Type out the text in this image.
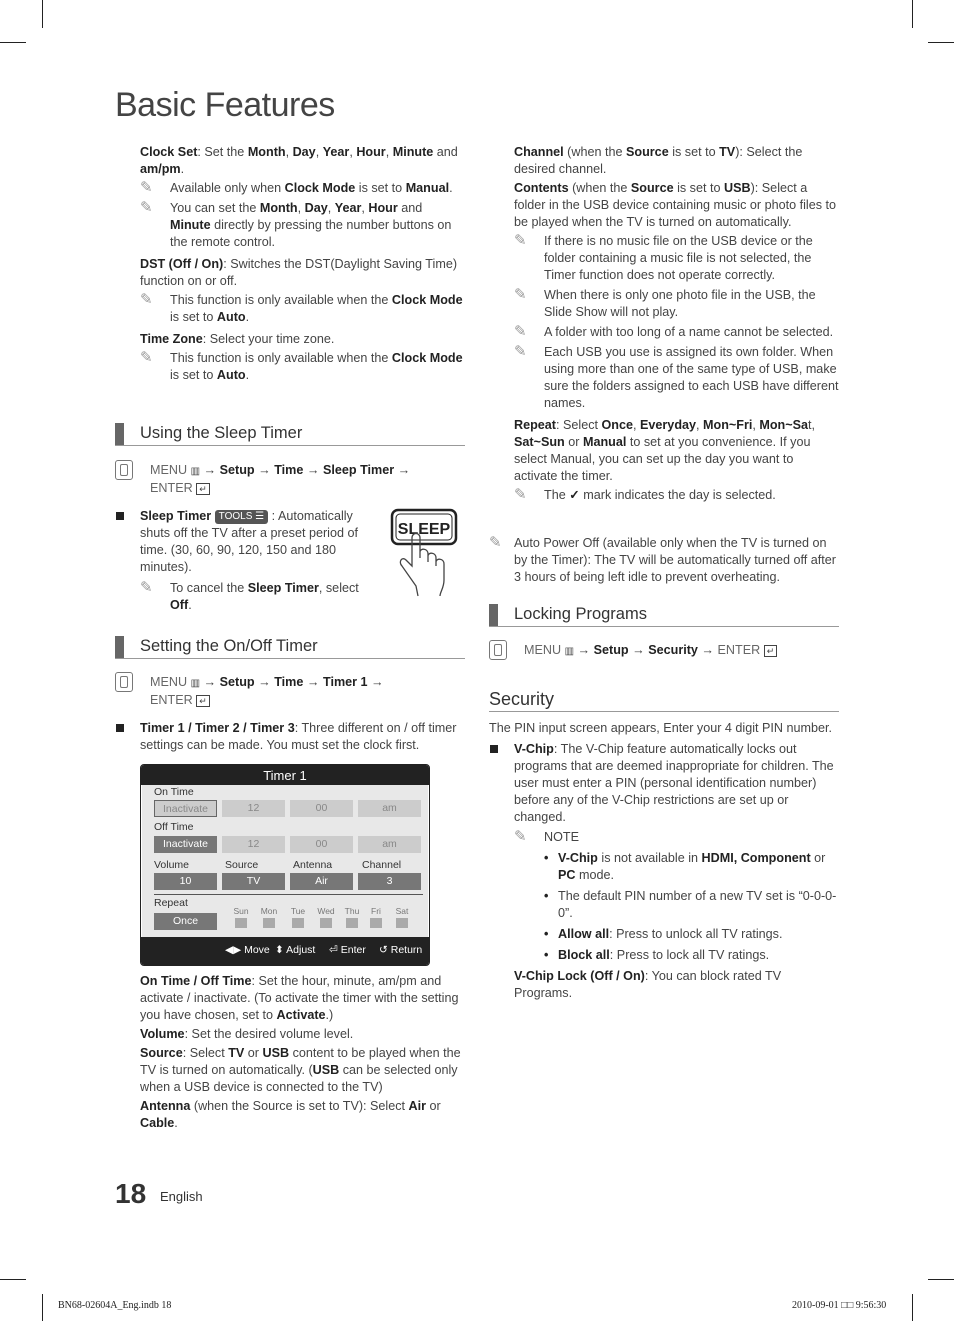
Basic Features

Clock Set: Set the Month, Day, Year, Hour, Minute and am/pm.

✎	Available only when Clock Mode is set to Manual.
✎	You can set the Month, Day, Year, Hour and Minute directly by pressing the number buttons on the remote control.

DST (Off / On): Switches the DST(Daylight Saving Time) function on or off.

✎	This function is only available when the Clock Mode is set to Auto.

Time Zone: Select your time zone.

✎	This function is only available when the Clock Mode is set to Auto.
Using the Sleep Timer
MENU ▥ → Setup → Time → Sleep Timer →
ENTER ↵

Sleep Timer TOOLS ☰ : Automatically shuts off the TV after a preset period of time. (30, 60, 90, 120, 150 and 180 minutes).

✎	To cancel the Sleep Timer, select Off.
SLEEP
Setting the On/Off Timer
MENU ▥ → Setup → Time → Timer 1 →
ENTER ↵

Timer 1 / Timer 2 / Timer 3: Three different on / off timer settings can be made. You must set the clock first.

Timer 1
On Time
Inactivate	12	00	am
Off Time
Inactivate	12	00	am
Volume	Source	Antenna	Channel
10	TV	Air	3
Repeat
Once
Sun Mon	Tue	Wed	Thu	Fri	Sat
◀▶ Move ⬍ Adjust ⏎ Enter ↺ Return

On Time / Off Time: Set the hour, minute, am/pm and activate / inactivate. (To activate the timer with the setting you have chosen, set to Activate.)

Volume: Set the desired volume level.

Source: Select TV or USB content to be played when the TV is turned on automatically. (USB can be selected only when a USB device is connected to the TV)

Antenna (when the Source is set to TV): Select Air or Cable.

Channel (when the Source is set to TV): Select the desired channel.

Contents (when the Source is set to USB): Select a folder in the USB device containing music or photo files to be played when the TV is turned on automatically.

✎	If there is no music file on the USB device or the folder containing a music file is not selected, the Timer function does not operate correctly.
✎	When there is only one photo file in the USB, the Slide Show will not play.
✎	A folder with too long of a name cannot be selected.
✎	Each USB you use is assigned its own folder. When using more than one of the same type of USB, make sure the folders assigned to each USB have different names.

Repeat: Select Once, Everyday, Mon~Fri, Mon~Sat, Sat~Sun or Manual to set at you convenience. If you select Manual, you can set up the day you want to activate the timer.

✎	The ✓ mark indicates the day is selected.
✎ Auto Power Off (available only when the TV is turned on by the Timer): The TV will be automatically turned off after 3 hours of being left idle to prevent overheating.
Locking Programs
MENU ▥ → Setup → Security → ENTER ↵
Security

The PIN input screen appears, Enter your 4 digit PIN number.

V-Chip: The V-Chip feature automatically locks out programs that are deemed inappropriate for children. The user must enter a PIN (personal identification number) before any of the V-Chip restrictions are set up or changed.

✎	NOTE
• V-Chip is not available in HDMI, Component or PC mode.
• The default PIN number of a new TV set is “0-0-0-0”.
• Allow all: Press to unlock all TV ratings.
• Block all: Press to lock all TV ratings.

V-Chip Lock (Off / On): You can block rated TV Programs.

18 English
BN68-02604A_Eng.indb 18	2010-09-01 □□ 9:56:30
